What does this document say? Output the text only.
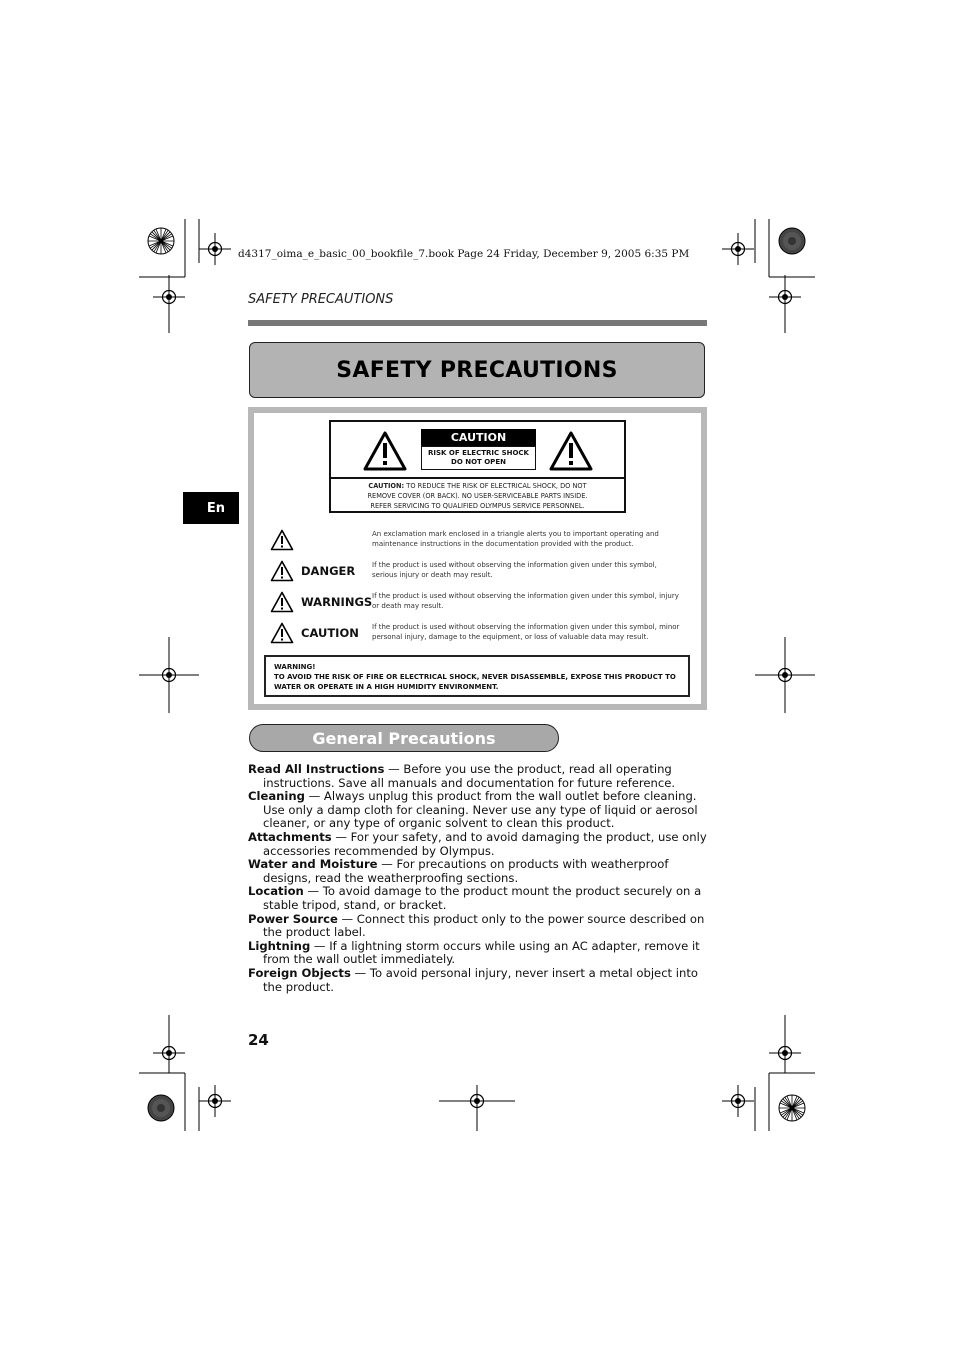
d4317_oima_e_basic_00_bookfile_7.book Page 24 Friday, December 9, 2005 6:35 PM
SAFETY PRECAUTIONS
SAFETY PRECAUTIONS
En
CAUTION
RISK OF ELECTRIC SHOCK
DO NOT OPEN
CAUTION: TO REDUCE THE RISK OF ELECTRICAL SHOCK, DO NOT
REMOVE COVER (OR BACK). NO USER-SERVICEABLE PARTS INSIDE.
REFER SERVICING TO QUALIFIED OLYMPUS SERVICE PERSONNEL.
An exclamation mark enclosed in a triangle alerts you to important operating and maintenance instructions in the documentation provided with the product.
DANGER If the product is used without observing the information given under this symbol, serious injury or death may result.
WARNINGS If the product is used without observing the information given under this symbol, injury or death may result.
CAUTION If the product is used without observing the information given under this symbol, minor personal injury, damage to the equipment, or loss of valuable data may result.
WARNING!
TO AVOID THE RISK OF FIRE OR ELECTRICAL SHOCK, NEVER DISASSEMBLE, EXPOSE THIS PRODUCT TO WATER OR OPERATE IN A HIGH HUMIDITY ENVIRONMENT.
General Precautions

Read All Instructions — Before you use the product, read all operating instructions. Save all manuals and documentation for future reference.

Cleaning — Always unplug this product from the wall outlet before cleaning. Use only a damp cloth for cleaning. Never use any type of liquid or aerosol cleaner, or any type of organic solvent to clean this product.

Attachments — For your safety, and to avoid damaging the product, use only accessories recommended by Olympus.

Water and Moisture — For precautions on products with weatherproof designs, read the weatherproofing sections.

Location — To avoid damage to the product mount the product securely on a stable tripod, stand, or bracket.

Power Source — Connect this product only to the power source described on the product label.

Lightning — If a lightning storm occurs while using an AC adapter, remove it from the wall outlet immediately.

Foreign Objects — To avoid personal injury, never insert a metal object into the product.

24
